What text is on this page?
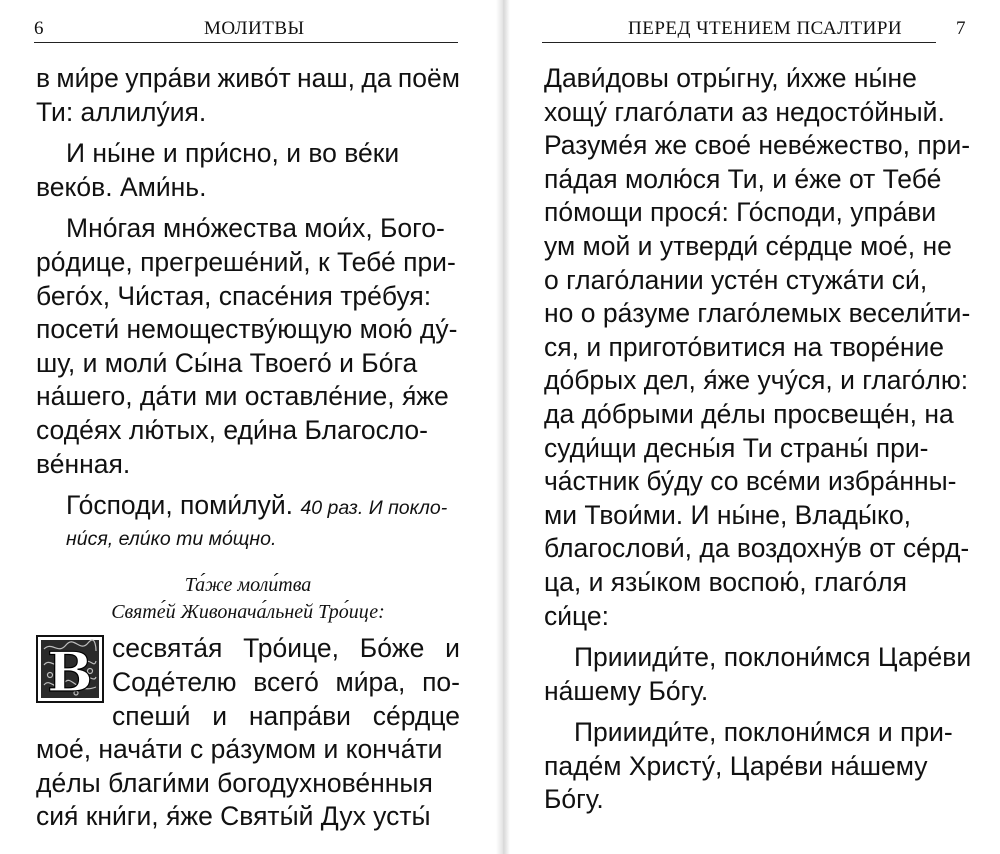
6	МОЛИТВЫ
в ми́ре упра́ви живо́т наш, да поём
Ти: аллилу́ия.
И ны́не и при́сно, и во ве́ки
веко́в. Ами́нь.
Мно́гая мно́жества мои́х, Бого-
ро́дице, прегреше́ний, к Тебе́ при-
бего́х, Чи́стая, спасе́ния тре́буя:
посети́ немоществу́ющую мою́ ду́-
шу, и моли́ Сы́на Твоего́ и Бо́га
на́шего, да́ти ми оставле́ние, я́же
соде́ях лю́тых, еди́на Благослo-
ве́нная.
Го́споди, поми́луй. 40 раз. И покло-
ни́ся, ели́ко ти мо́щно.
Та́же моли́тва
Святе́й Живонача́льней Тро́ице:
В сесвята́я Тро́ице, Бо́же и
Соде́телю всего́ ми́ра, по-
спеши́ и напра́ви се́рдце
мое́, нача́ти с ра́зумом и конча́ти
де́лы благи́ми богодухнове́нныя
сия́ кни́ги, я́же Святы́й Дух усты́
ПЕРЕД ЧТЕНИЕМ ПСАЛТИРИ	7
Дави́довы отры́гну, и́хже ны́не
хощу́ глаго́лати аз недосто́йный.
Разуме́я же свое́ неве́жество, при-
па́дая молю́ся Ти, и е́же от Тебе́
по́мощи прося́: Го́споди, упра́ви
ум мой и утверди́ се́рдце мое́, не
о глаго́лании усте́н стужа́ти си́,
но о ра́зуме глаго́лемых весели́ти-
ся, и пригото́витися на творе́ние
до́брых дел, я́же учу́ся, и глаго́лю:
да до́брыми де́лы просвеще́н, на
суди́щи десны́я Ти страны́ при-
ча́стник бу́ду со все́ми избра́нны-
ми Твои́ми. И ны́не, Влады́ко,
благослови́, да воздохну́в от се́рд-
ца, и язы́ком воспою́, глаго́ля
си́це:
Приииди́те, поклони́мся Царе́ви
на́шему Бо́гу.
Приииди́те, поклони́мся и при-
паде́м Христу́, Царе́ви на́шему
Бо́гу.
